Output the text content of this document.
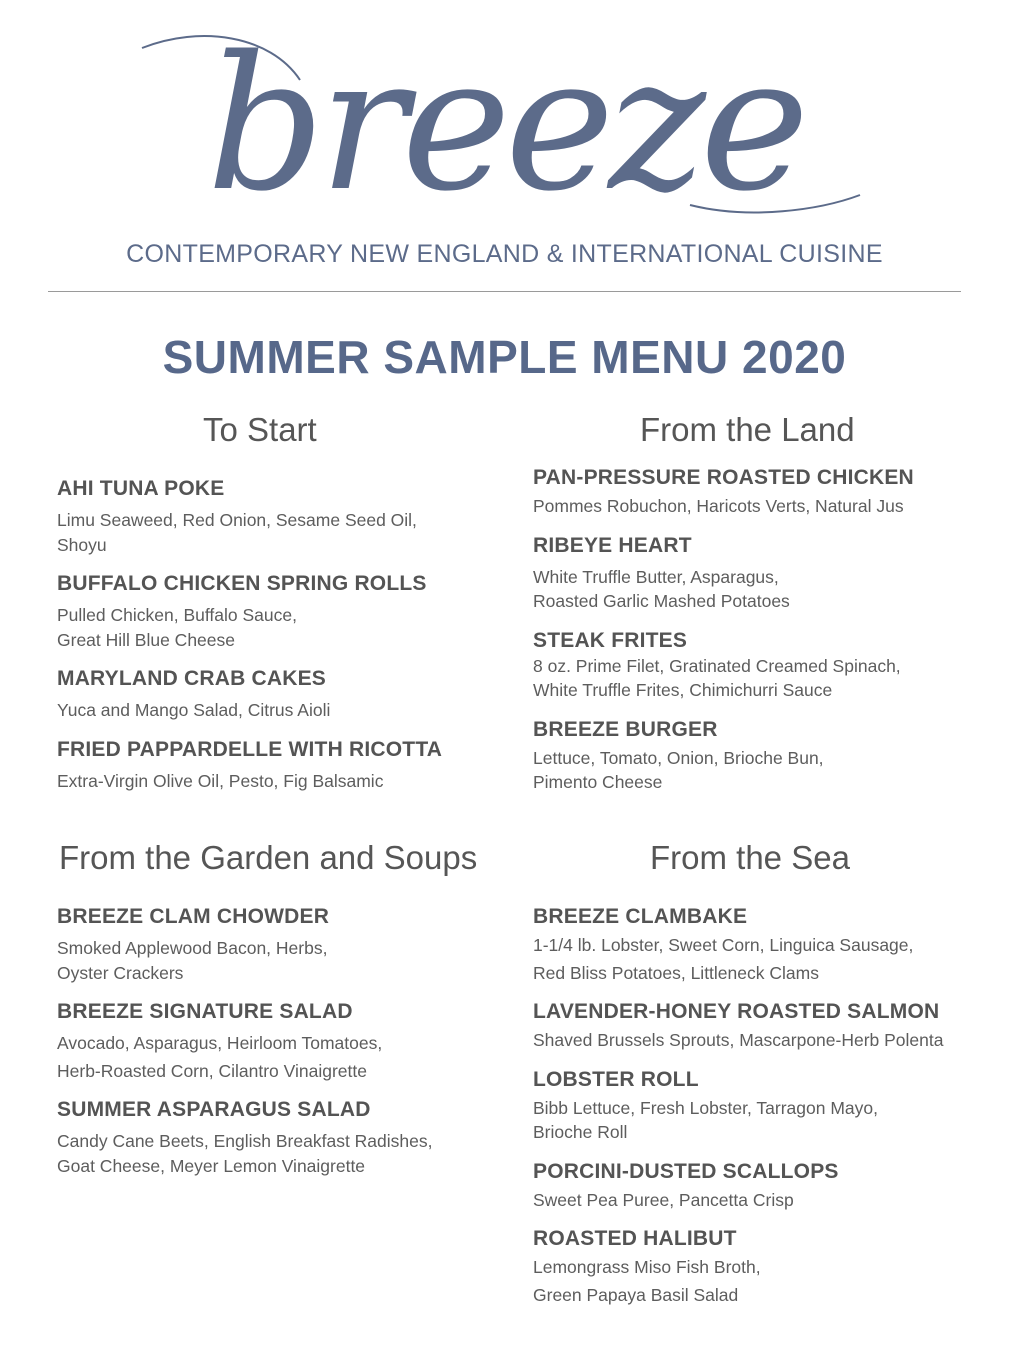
breeze
CONTEMPORARY NEW ENGLAND & INTERNATIONAL CUISINE
SUMMER SAMPLE MENU 2020
To Start
AHI TUNA POKE
Limu Seaweed, Red Onion, Sesame Seed Oil,
Shoyu
BUFFALO CHICKEN SPRING ROLLS
Pulled Chicken, Buffalo Sauce,
Great Hill Blue Cheese
MARYLAND CRAB CAKES
Yuca and Mango Salad, Citrus Aioli
FRIED PAPPARDELLE WITH RICOTTA
Extra-Virgin Olive Oil, Pesto, Fig Balsamic
From the Land
PAN-PRESSURE ROASTED CHICKEN
Pommes Robuchon, Haricots Verts, Natural Jus
RIBEYE HEART
White Truffle Butter, Asparagus,
Roasted Garlic Mashed Potatoes
STEAK FRITES
8 oz. Prime Filet, Gratinated Creamed Spinach,
White Truffle Frites, Chimichurri Sauce
BREEZE BURGER
Lettuce, Tomato, Onion, Brioche Bun,
Pimento Cheese
From the Garden and Soups
BREEZE CLAM CHOWDER
Smoked Applewood Bacon, Herbs,
Oyster Crackers
BREEZE SIGNATURE SALAD
Avocado, Asparagus, Heirloom Tomatoes,
Herb-Roasted Corn, Cilantro Vinaigrette
SUMMER ASPARAGUS SALAD
Candy Cane Beets, English Breakfast Radishes,
Goat Cheese, Meyer Lemon Vinaigrette
From the Sea
BREEZE CLAMBAKE
1-1/4 lb. Lobster, Sweet Corn, Linguica Sausage,
Red Bliss Potatoes, Littleneck Clams
LAVENDER-HONEY ROASTED SALMON
Shaved Brussels Sprouts, Mascarpone-Herb Polenta
LOBSTER ROLL
Bibb Lettuce, Fresh Lobster, Tarragon Mayo,
Brioche Roll
PORCINI-DUSTED SCALLOPS
Sweet Pea Puree, Pancetta Crisp
ROASTED HALIBUT
Lemongrass Miso Fish Broth,
Green Papaya Basil Salad
